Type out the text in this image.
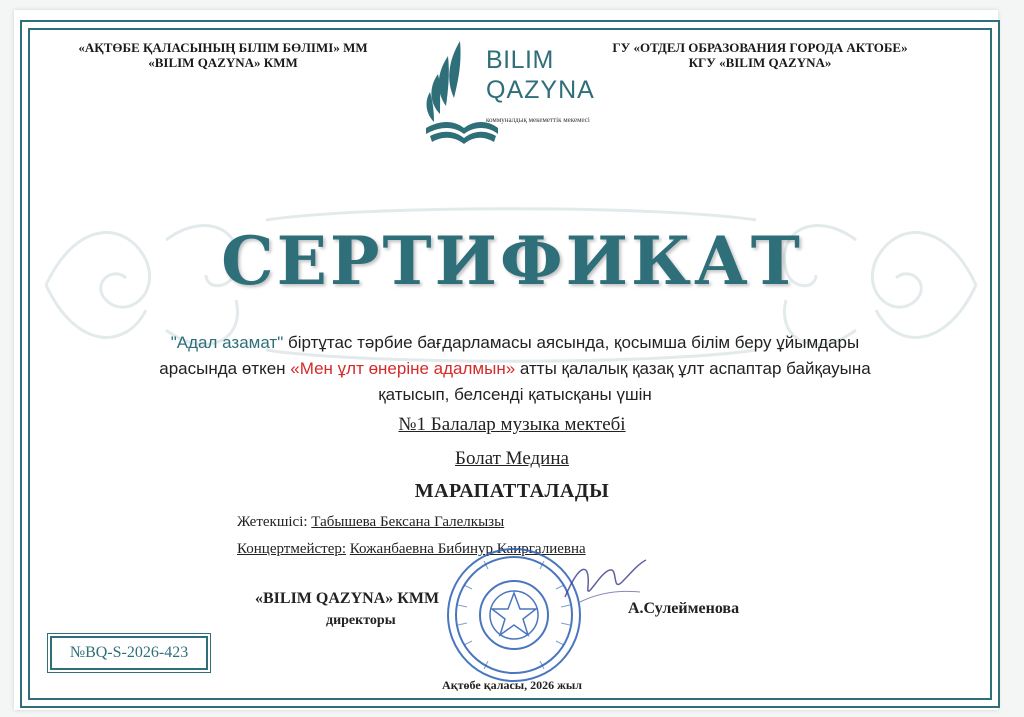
«АҚТӨБЕ ҚАЛАСЫНЫҢ БІЛІМ БӨЛІМІ» ММ
«BILIM QAZYNA» КММ
ГУ «ОТДЕЛ ОБРАЗОВАНИЯ ГОРОДА АКТОБЕ»
КГУ «BILIM QAZYNA»
BILIM
QAZYNA
коммуналдық мекеметтік мекемесі
СЕРТИФИКАТ
"Адал азамат" біртұтас тәрбие бағдарламасы аясында, қосымша білім беру ұйымдары арасында өткен «Мен ұлт өнеріне адалмын» атты қалалық қазақ ұлт аспаптар байқауына қатысып, белсенді қатысқаны үшін
№1 Балалар музыка мектебі
Болат Медина
МАРАПАТТАЛАДЫ
Жетекшісі: Табышева Бексана Галелкызы
Концертмейстер: Кожанбаевна Бибинур Каиргалиевна
«BILIM QAZYNA» КММ
директоры
А.Сулейменова
№BQ-S-2026-423
Ақтөбе қаласы, 2026 жыл
